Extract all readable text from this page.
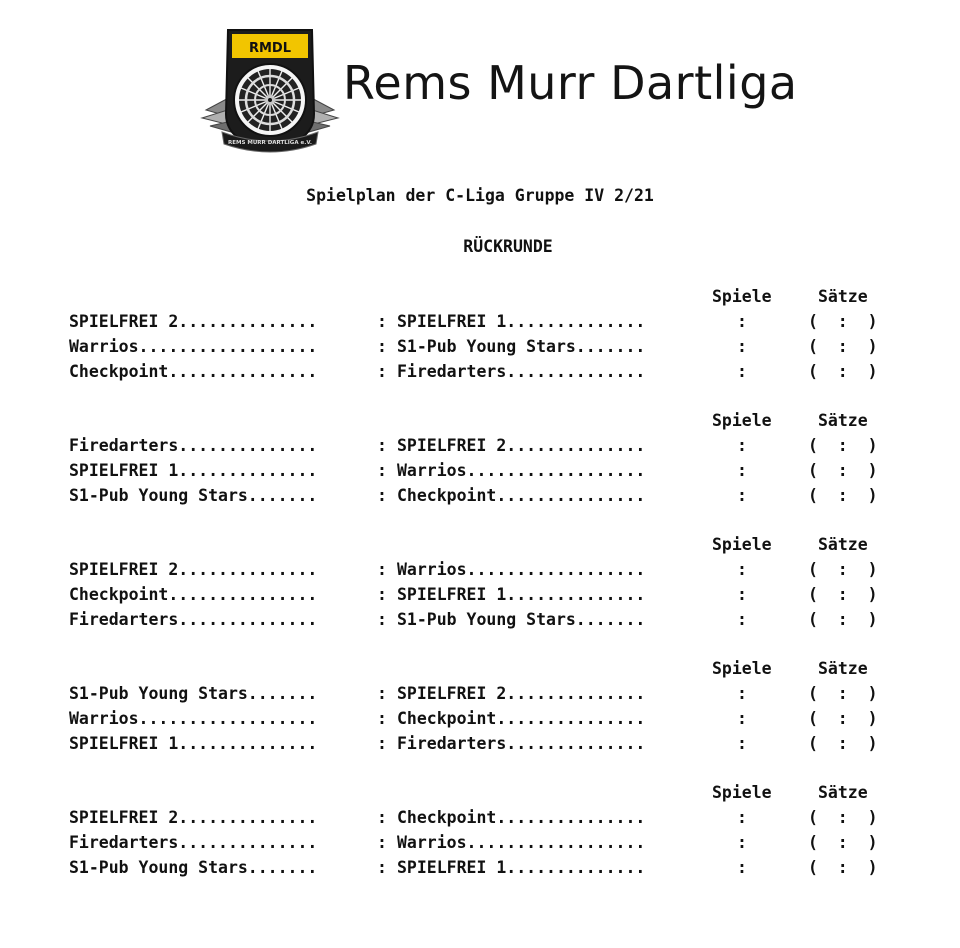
RMDL
REMS MURR DARTLIGA e.V.
Rems Murr Dartliga
Spielplan der C-Liga Gruppe IV 2/21
RÜCKRUNDE
Spiele	Sätze
SPIELFREI 2..............	: SPIELFREI 1..............	:	(  :  )
Warrios..................	: S1-Pub Young Stars.......	:	(  :  )
Checkpoint...............	: Firedarters..............	:	(  :  )
Spiele	Sätze
Firedarters..............	: SPIELFREI 2..............	:	(  :  )
SPIELFREI 1..............	: Warrios..................	:	(  :  )
S1-Pub Young Stars.......	: Checkpoint...............	:	(  :  )
Spiele	Sätze
SPIELFREI 2..............	: Warrios..................	:	(  :  )
Checkpoint...............	: SPIELFREI 1..............	:	(  :  )
Firedarters..............	: S1-Pub Young Stars.......	:	(  :  )
Spiele	Sätze
S1-Pub Young Stars.......	: SPIELFREI 2..............	:	(  :  )
Warrios..................	: Checkpoint...............	:	(  :  )
SPIELFREI 1..............	: Firedarters..............	:	(  :  )
Spiele	Sätze
SPIELFREI 2..............	: Checkpoint...............	:	(  :  )
Firedarters..............	: Warrios..................	:	(  :  )
S1-Pub Young Stars.......	: SPIELFREI 1..............	:	(  :  )
